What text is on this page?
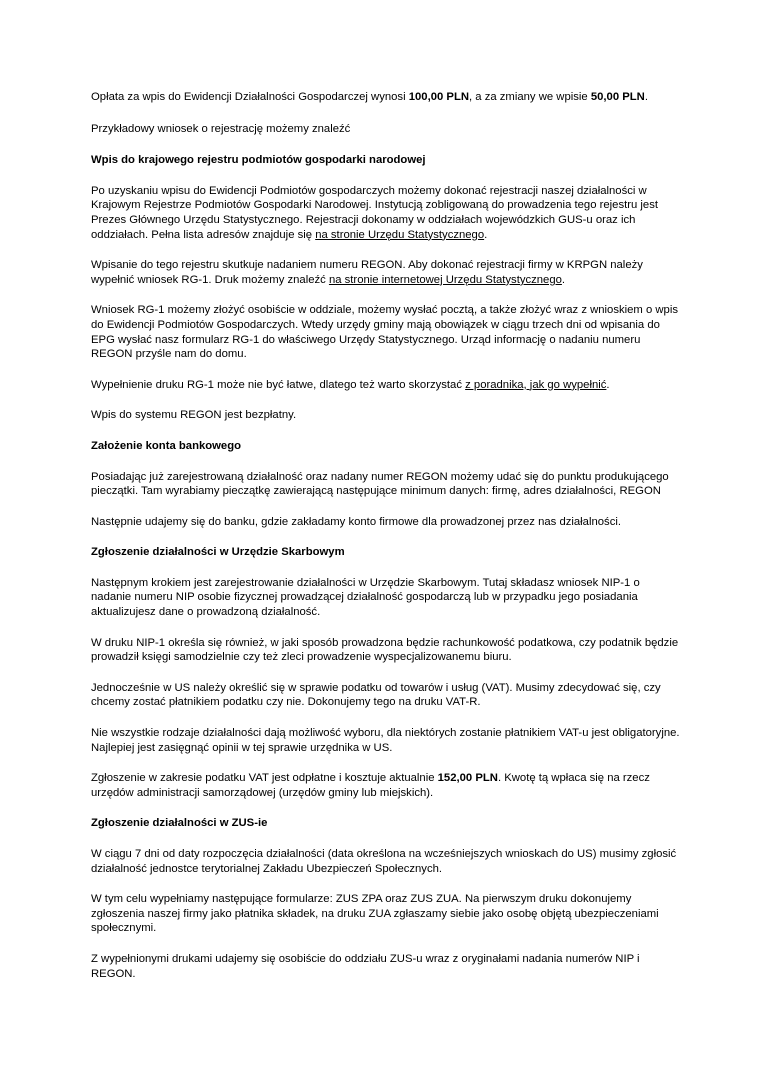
Opłata za wpis do Ewidencji Działalności Gospodarczej wynosi 100,00 PLN, a za zmiany we wpisie 50,00 PLN.

Przykładowy wniosek o rejestrację możemy znaleźć

Wpis do krajowego rejestru podmiotów gospodarki narodowej

Po uzyskaniu wpisu do Ewidencji Podmiotów gospodarczych możemy dokonać rejestracji naszej działalności w Krajowym Rejestrze Podmiotów Gospodarki Narodowej. Instytucją zobligowaną do prowadzenia tego rejestru jest Prezes Głównego Urzędu Statystycznego. Rejestracji dokonamy w oddziałach wojewódzkich GUS-u oraz ich oddziałach. Pełna lista adresów znajduje się na stronie Urzędu Statystycznego.

Wpisanie do tego rejestru skutkuje nadaniem numeru REGON. Aby dokonać rejestracji firmy w KRPGN należy wypełnić wniosek RG-1. Druk możemy znaleźć na stronie internetowej Urzędu Statystycznego.

Wniosek RG-1 możemy złożyć osobiście w oddziale, możemy wysłać pocztą, a także złożyć wraz z wnioskiem o wpis do Ewidencji Podmiotów Gospodarczych. Wtedy urzędy gminy mają obowiązek w ciągu trzech dni od wpisania do EPG wysłać nasz formularz RG-1 do właściwego Urzędy Statystycznego. Urząd informację o nadaniu numeru REGON przyśle nam do domu.

Wypełnienie druku RG-1 może nie być łatwe, dlatego też warto skorzystać z poradnika, jak go wypełnić.

Wpis do systemu REGON jest bezpłatny.

Założenie konta bankowego

Posiadając już zarejestrowaną działalność oraz nadany numer REGON możemy udać się do punktu produkującego pieczątki. Tam wyrabiamy pieczątkę zawierającą następujące minimum danych: firmę, adres działalności, REGON

Następnie udajemy się do banku, gdzie zakładamy konto firmowe dla prowadzonej przez nas działalności.

Zgłoszenie działalności w Urzędzie Skarbowym

Następnym krokiem jest zarejestrowanie działalności w Urzędzie Skarbowym. Tutaj składasz wniosek NIP-1 o nadanie numeru NIP osobie fizycznej prowadzącej działalność gospodarczą lub w przypadku jego posiadania aktualizujesz dane o prowadzoną działalność.

W druku NIP-1 określa się również, w jaki sposób prowadzona będzie rachunkowość podatkowa, czy podatnik będzie prowadził księgi samodzielnie czy też zleci prowadzenie wyspecjalizowanemu biuru.

Jednocześnie w US należy określić się w sprawie podatku od towarów i usług (VAT). Musimy zdecydować się, czy chcemy zostać płatnikiem podatku czy nie. Dokonujemy tego na druku VAT-R.

Nie wszystkie rodzaje działalności dają możliwość wyboru, dla niektórych zostanie płatnikiem VAT-u jest obligatoryjne. Najlepiej jest zasięgnąć opinii w tej sprawie urzędnika w US.

Zgłoszenie w zakresie podatku VAT jest odpłatne i kosztuje aktualnie 152,00 PLN. Kwotę tą wpłaca się na rzecz urzędów administracji samorządowej (urzędów gminy lub miejskich).

Zgłoszenie działalności w ZUS-ie

W ciągu 7 dni od daty rozpoczęcia działalności (data określona na wcześniejszych wnioskach do US) musimy zgłosić działalność jednostce terytorialnej Zakładu Ubezpieczeń Społecznych.

W tym celu wypełniamy następujące formularze: ZUS ZPA oraz ZUS ZUA. Na pierwszym druku dokonujemy zgłoszenia naszej firmy jako płatnika składek, na druku ZUA zgłaszamy siebie jako osobę objętą ubezpieczeniami społecznymi.

Z wypełnionymi drukami udajemy się osobiście do oddziału ZUS-u wraz z oryginałami nadania numerów NIP i REGON.
